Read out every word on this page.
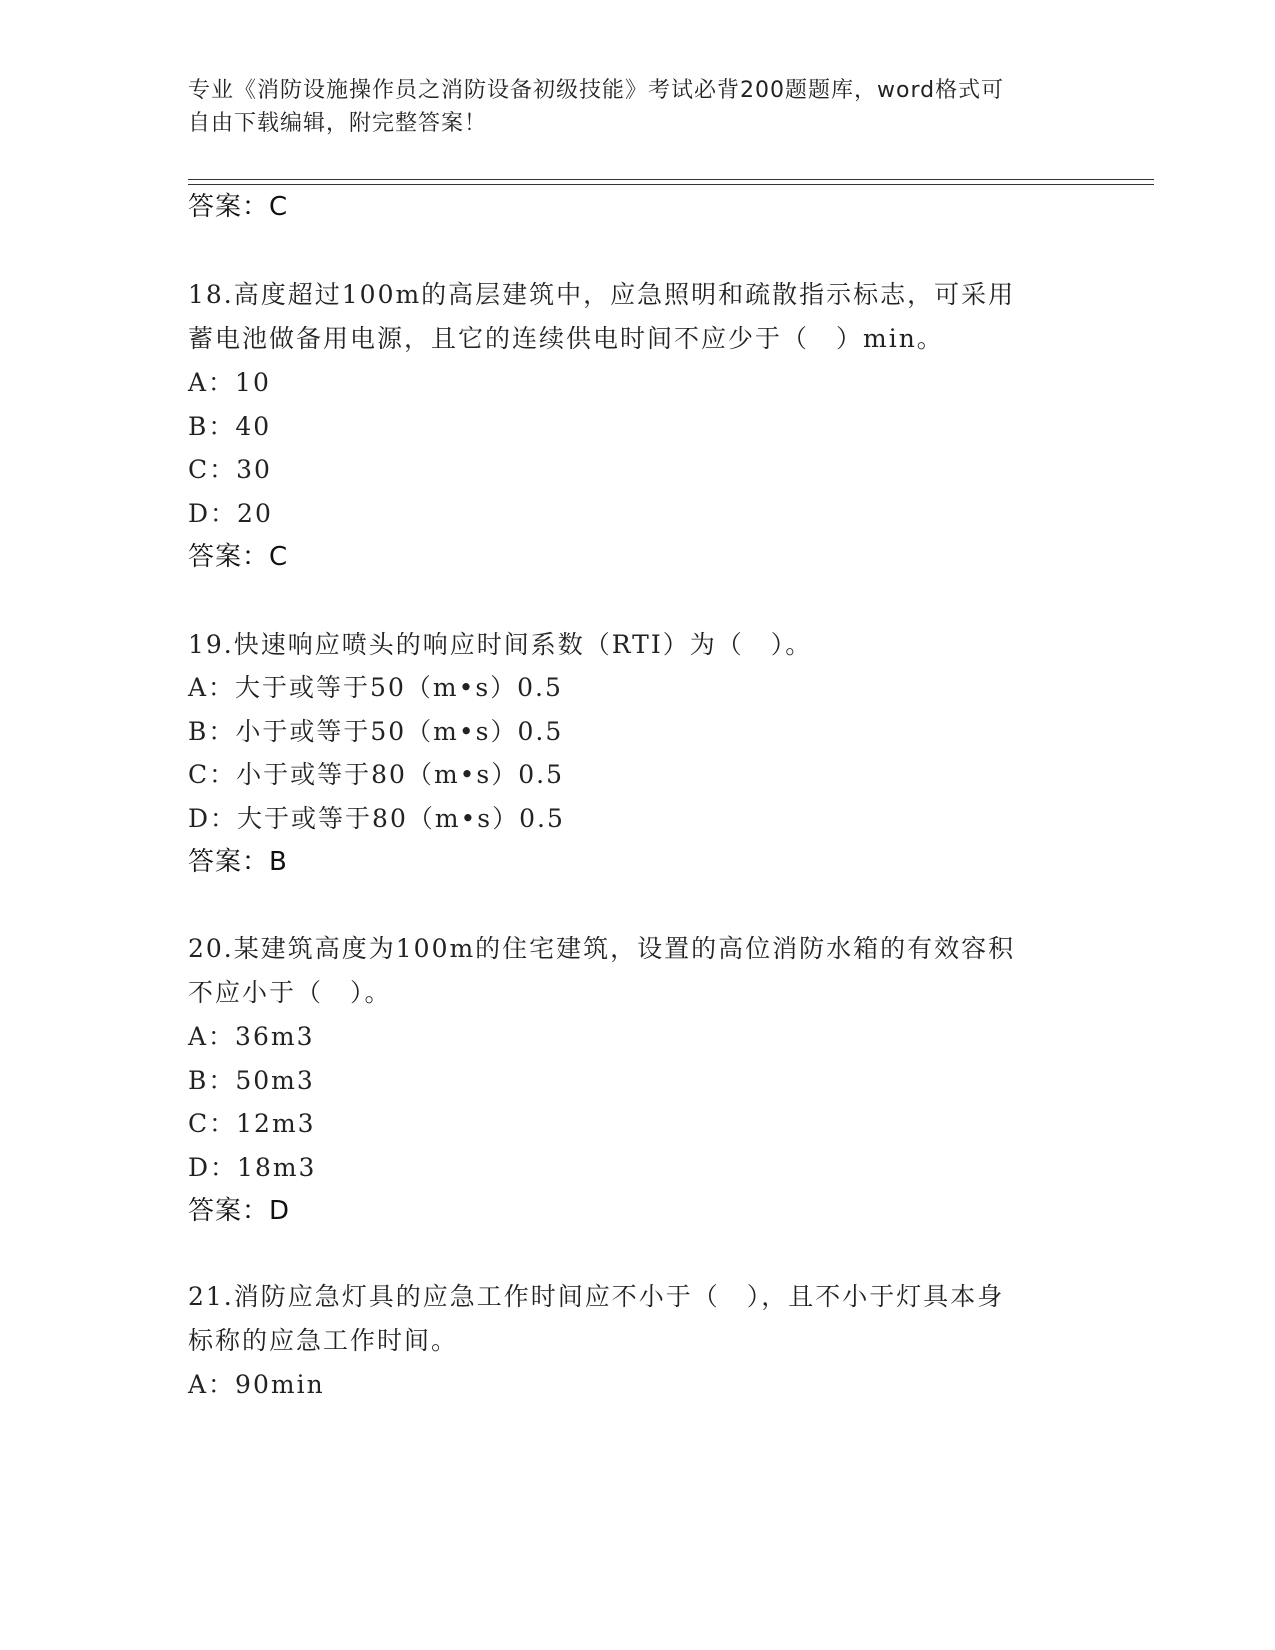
专业《消防设施操作员之消防设备初级技能》考试必背200题题库，word格式可
自由下载编辑，附完整答案！
答案：C
18.高度超过100m的高层建筑中，应急照明和疏散指示标志，可采用
蓄电池做备用电源，且它的连续供电时间不应少于（　）min。
A：10
B：40
C：30
D：20
答案：C
19.快速响应喷头的响应时间系数（RTI）为（　）。
A：大于或等于50（m•s）0.5
B：小于或等于50（m•s）0.5
C：小于或等于80（m•s）0.5
D：大于或等于80（m•s）0.5
答案：B
20.某建筑高度为100m的住宅建筑，设置的高位消防水箱的有效容积
不应小于（　）。
A：36m3
B：50m3
C：12m3
D：18m3
答案：D
21.消防应急灯具的应急工作时间应不小于（　），且不小于灯具本身
标称的应急工作时间。
A：90min
